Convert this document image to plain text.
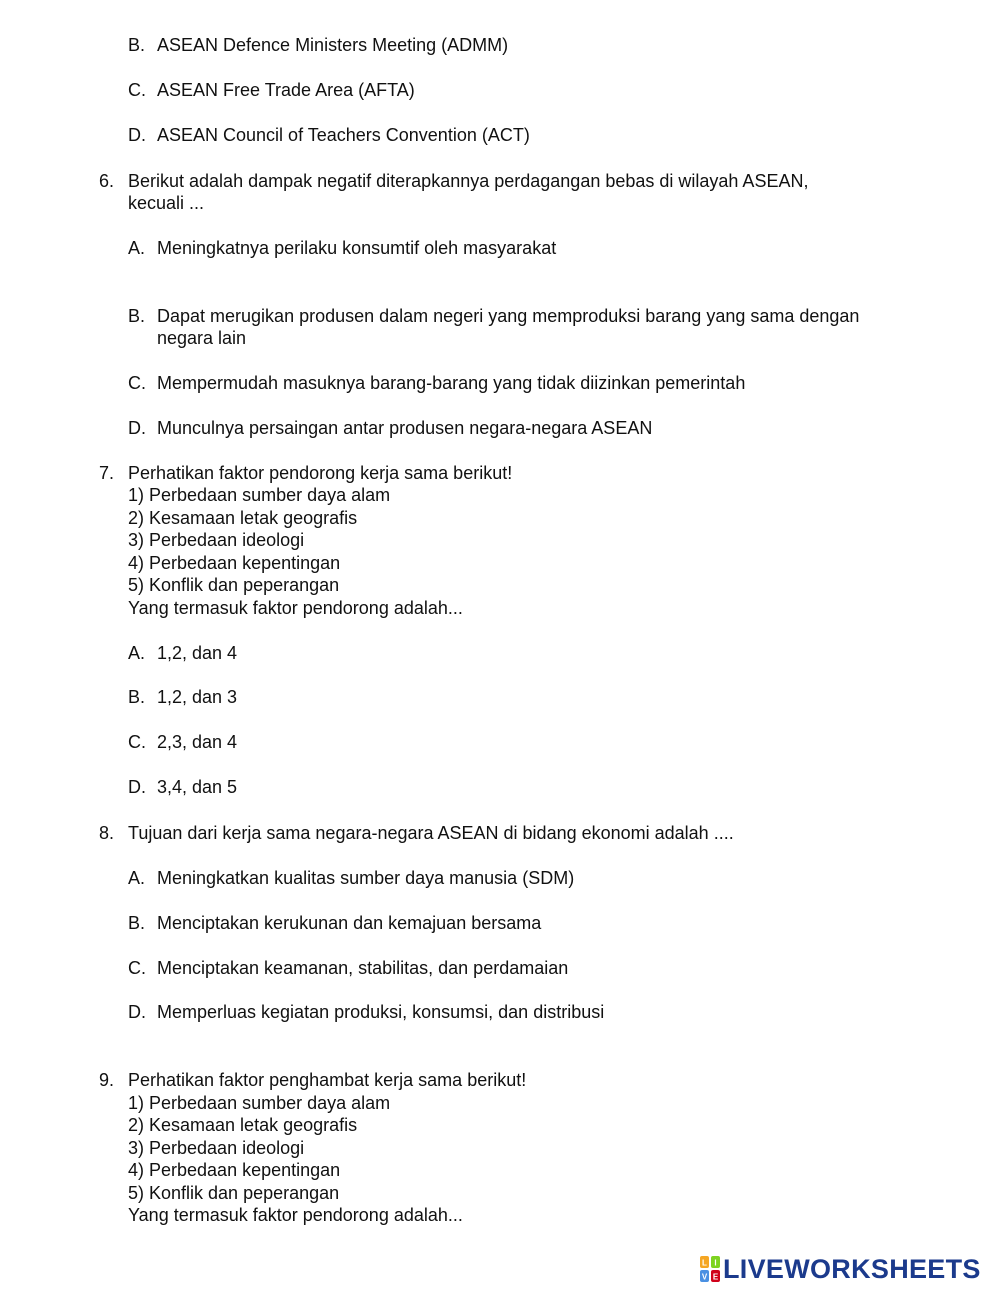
B. ASEAN Defence Ministers Meeting (ADMM)
C. ASEAN Free Trade Area (AFTA)
D. ASEAN Council of Teachers Convention (ACT)
6. Berikut adalah dampak negatif diterapkannya perdagangan bebas di wilayah ASEAN,
kecuali ...
A. Meningkatnya perilaku konsumtif oleh masyarakat
B. Dapat merugikan produsen dalam negeri yang memproduksi barang yang sama dengan
negara lain
C. Mempermudah masuknya barang-barang yang tidak diizinkan pemerintah
D. Munculnya persaingan antar produsen negara-negara ASEAN
7. Perhatikan faktor pendorong kerja sama berikut!
1) Perbedaan sumber daya alam
2) Kesamaan letak geografis
3) Perbedaan ideologi
4) Perbedaan kepentingan
5) Konflik dan peperangan
Yang termasuk faktor pendorong adalah...
A. 1,2, dan 4
B. 1,2, dan 3
C. 2,3, dan 4
D. 3,4, dan 5
8. Tujuan dari kerja sama negara-negara ASEAN di bidang ekonomi adalah ....
A. Meningkatkan kualitas sumber daya manusia (SDM)
B. Menciptakan kerukunan dan kemajuan bersama
C. Menciptakan keamanan, stabilitas, dan perdamaian
D. Memperluas kegiatan produksi, konsumsi, dan distribusi
9. Perhatikan faktor penghambat kerja sama berikut!
1) Perbedaan sumber daya alam
2) Kesamaan letak geografis
3) Perbedaan ideologi
4) Perbedaan kepentingan
5) Konflik dan peperangan
Yang termasuk faktor pendorong adalah...
L I
V E LIVEWORKSHEETS
